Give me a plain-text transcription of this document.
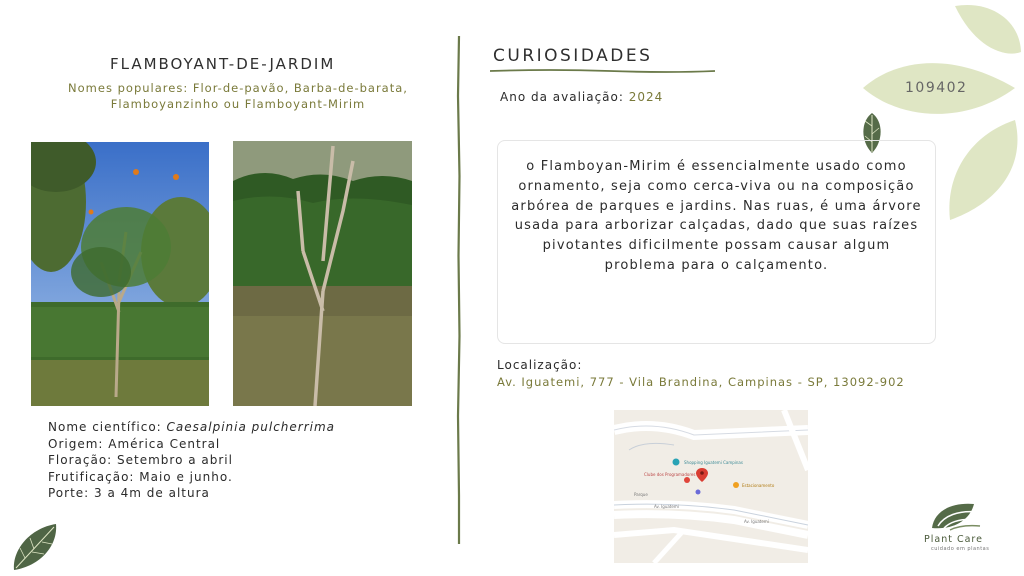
FLAMBOYANT-DE-JARDIM
Nomes populares: Flor-de-pavão, Barba-de-barata,
Flamboyanzinho ou Flamboyant-Mirim
Nome científico: Caesalpinia pulcherrima
Origem: América Central
Floração: Setembro a abril
Frutificação: Maio e junho.
Porte: 3 a 4m de altura
CURIOSIDADES
Ano da avaliação: 2024
109402

o Flamboyan-Mirim é essencialmente usado como ornamento, seja como cerca-viva ou na composição arbórea de parques e jardins. Nas ruas, é uma árvore usada para arborizar calçadas, dado que suas raízes pivotantes dificilmente possam causar algum problema para o calçamento.

Localização:
Av. Iguatemi, 777 - Vila Brandina, Campinas - SP, 13092-902
Shopping Iguatemi Campinas
Clube dos Programadores
Estacionamento
Parque
Av. Iguatemi
Av. Iguatemi
Plant Care
cuidado em plantas
